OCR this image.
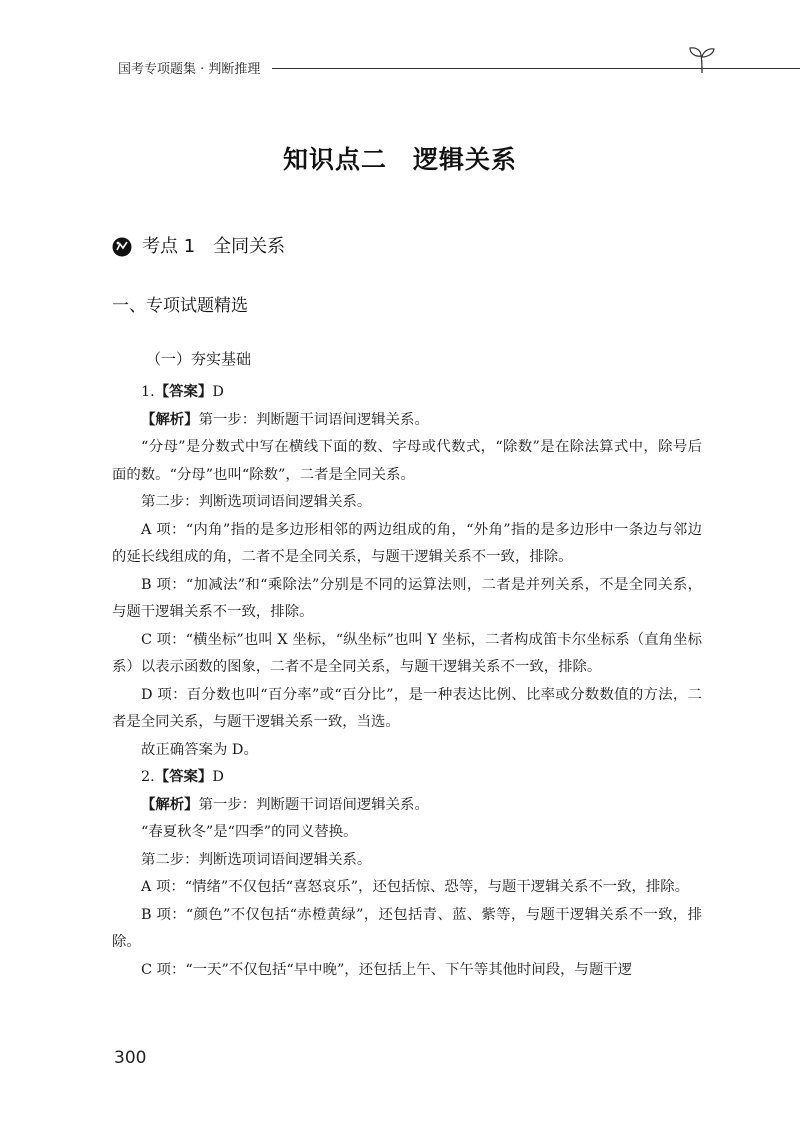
国考专项题集 · 判断推理
知识点二　逻辑关系
考点 1　全同关系
一、专项试题精选
（一）夯实基础

1.【答案】D

【解析】第一步：判断题干词语间逻辑关系。

“分母”是分数式中写在横线下面的数、字母或代数式，“除数”是在除法算式中，除号后面的数。“分母”也叫“除数”，二者是全同关系。

第二步：判断选项词语间逻辑关系。

A 项：“内角”指的是多边形相邻的两边组成的角，“外角”指的是多边形中一条边与邻边的延长线组成的角，二者不是全同关系，与题干逻辑关系不一致，排除。

B 项：“加减法”和“乘除法”分别是不同的运算法则，二者是并列关系，不是全同关系，与题干逻辑关系不一致，排除。

C 项：“横坐标”也叫 X 坐标，“纵坐标”也叫 Y 坐标，二者构成笛卡尔坐标系（直角坐标系）以表示函数的图象，二者不是全同关系，与题干逻辑关系不一致，排除。

D 项：百分数也叫“百分率”或“百分比”，是一种表达比例、比率或分数数值的方法，二者是全同关系，与题干逻辑关系一致，当选。

故正确答案为 D。

2.【答案】D

【解析】第一步：判断题干词语间逻辑关系。

“春夏秋冬”是“四季”的同义替换。

第二步：判断选项词语间逻辑关系。

A 项：“情绪”不仅包括“喜怒哀乐”，还包括惊、恐等，与题干逻辑关系不一致，排除。

B 项：“颜色”不仅包括“赤橙黄绿”，还包括青、蓝、紫等，与题干逻辑关系不一致，排除。

C 项：“一天”不仅包括“早中晚”，还包括上午、下午等其他时间段，与题干逻

300
